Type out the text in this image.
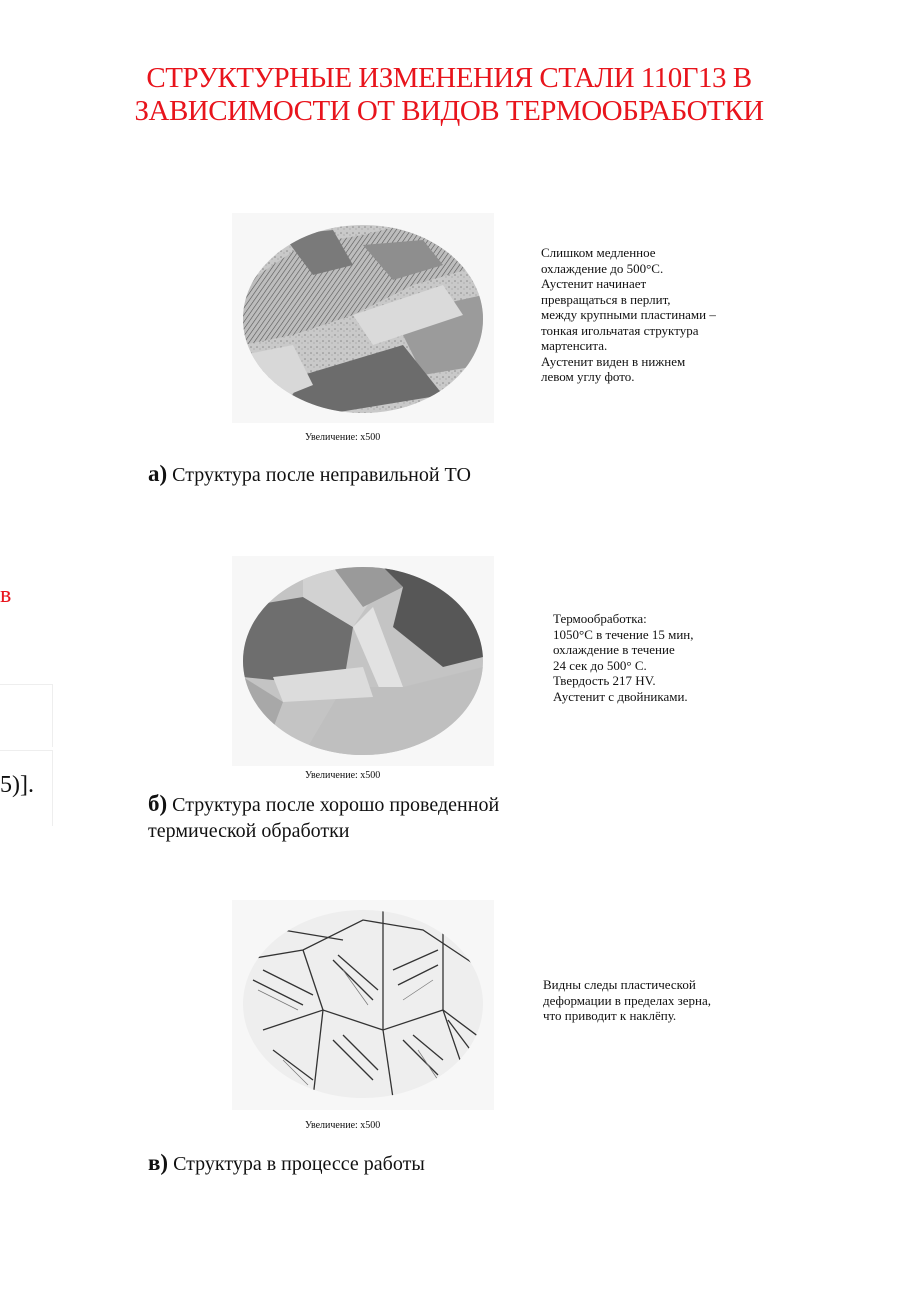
СТРУКТУРНЫЕ ИЗМЕНЕНИЯ СТАЛИ 110Г13 В
ЗАВИСИМОСТИ ОТ ВИДОВ ТЕРМООБРАБОТКИ
в
5)].
Слишком медленное
охлаждение до 500°С.
Аустенит начинает
превращаться в перлит,
между крупными пластинами –
тонкая игольчатая структура
мартенсита.
Аустенит виден в нижнем
левом углу фото.
Увеличение: х500
а) Структура после неправильной ТО
Термообработка:
1050°С в течение 15 мин,
охлаждение в течение
24 сек до 500° С.
Твердость 217 HV.
Аустенит с двойниками.
Увеличение: х500
б) Структура после хорошо проведенной
термической обработки
Видны следы пластической
деформации в пределах зерна,
что приводит к наклёпу.
Увеличение: х500
в) Структура в процессе работы
